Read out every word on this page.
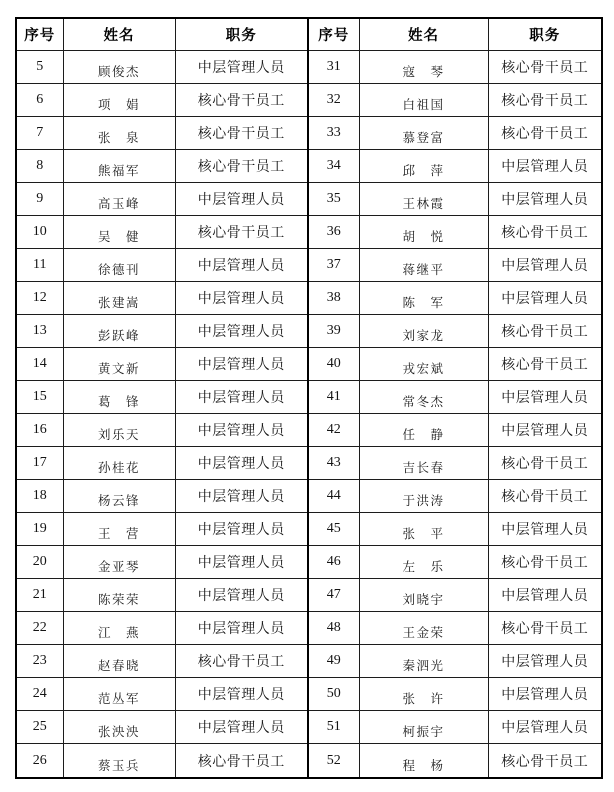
序号	姓名	职务	序号	姓名	职务
5	顾俊杰	中层管理人员	31	寇　琴	核心骨干员工
6	项　娟	核心骨干员工	32	白祖国	核心骨干员工
7	张　泉	核心骨干员工	33	慕登富	核心骨干员工
8	熊福军	核心骨干员工	34	邱　萍	中层管理人员
9	高玉峰	中层管理人员	35	王林霞	中层管理人员
10	吴　健	核心骨干员工	36	胡　悦	核心骨干员工
11	徐德刊	中层管理人员	37	蒋继平	中层管理人员
12	张建嵩	中层管理人员	38	陈　军	中层管理人员
13	彭跃峰	中层管理人员	39	刘家龙	核心骨干员工
14	黄文新	中层管理人员	40	戎宏斌	核心骨干员工
15	葛　锋	中层管理人员	41	常冬杰	中层管理人员
16	刘乐天	中层管理人员	42	任　静	中层管理人员
17	孙桂花	中层管理人员	43	吉长春	核心骨干员工
18	杨云锋	中层管理人员	44	于洪涛	核心骨干员工
19	王　营	中层管理人员	45	张　平	中层管理人员
20	金亚琴	中层管理人员	46	左　乐	核心骨干员工
21	陈荣荣	中层管理人员	47	刘晓宇	中层管理人员
22	江　燕	中层管理人员	48	王金荣	核心骨干员工
23	赵春晓	核心骨干员工	49	秦泗光	中层管理人员
24	范丛军	中层管理人员	50	张　许	中层管理人员
25	张泱泱	中层管理人员	51	柯振宇	中层管理人员
26	蔡玉兵	核心骨干员工	52	程　杨	核心骨干员工
